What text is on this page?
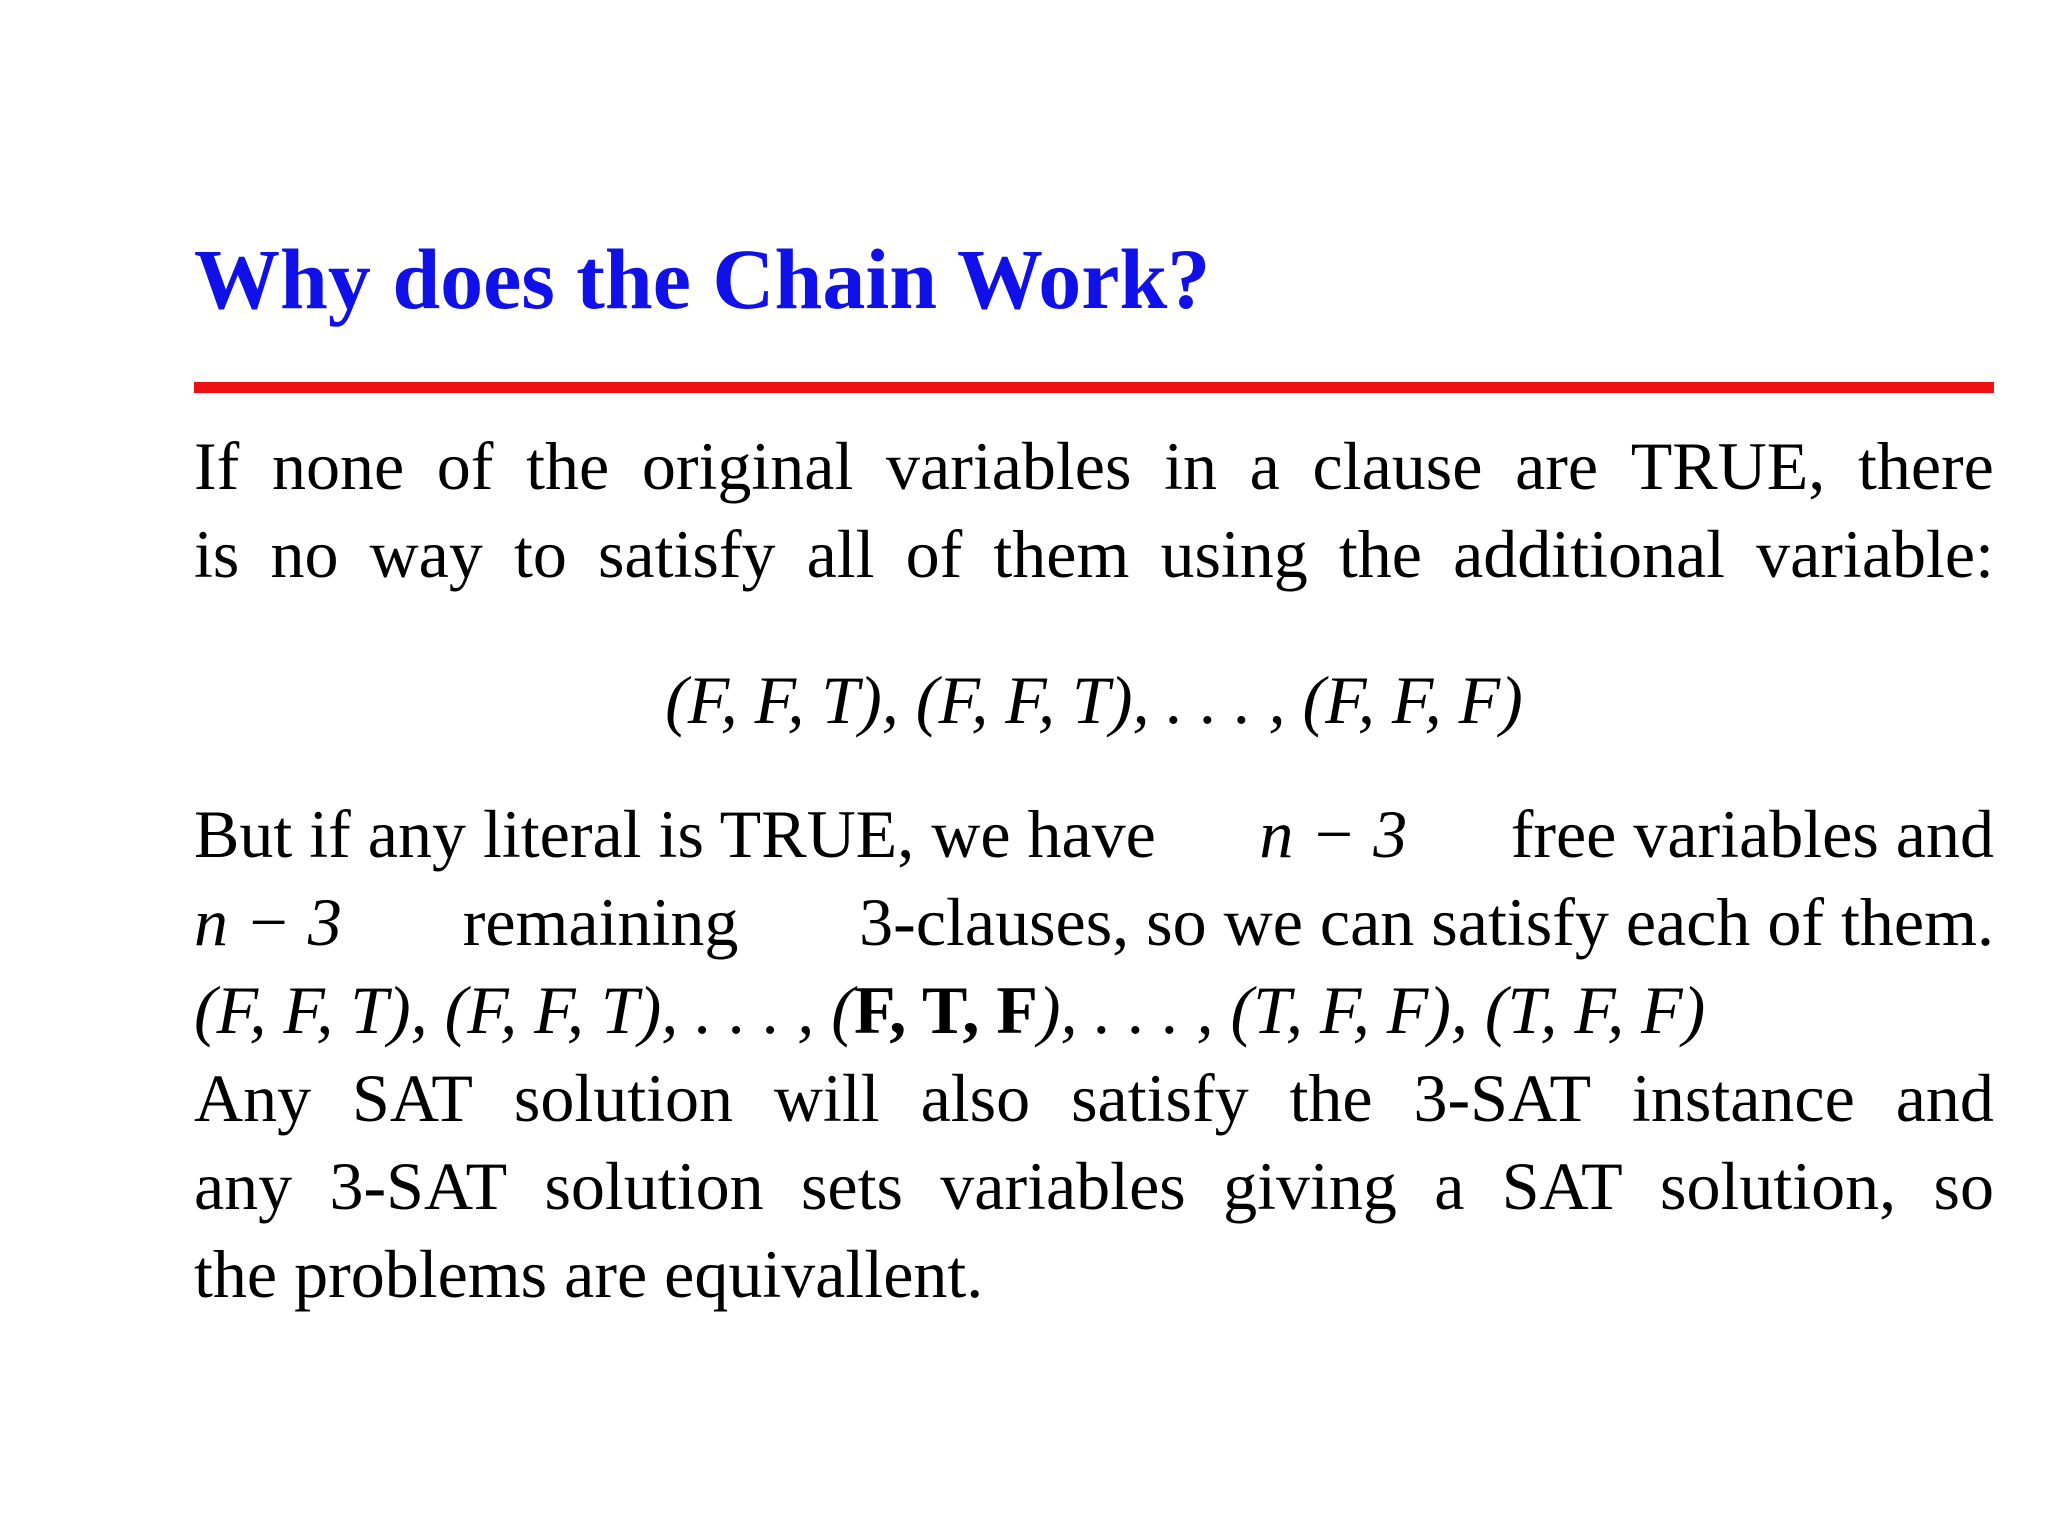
Why does the Chain Work?
If none of the original variables in a clause are TRUE, there
is no way to satisfy all of them using the additional variable:
(F, F, T), (F, F, T), . . . , (F, F, F)
But if any literal is TRUE, we have n − 3 free variables and
n − 3 remaining 3-clauses, so we can satisfy each of them.
(F, F, T), (F, F, T), . . . , ( F, T, F ), . . . , (T, F, F), (T, F, F)
Any SAT solution will also satisfy the 3-SAT instance and
any 3-SAT solution sets variables giving a SAT solution, so
the problems are equivallent.
